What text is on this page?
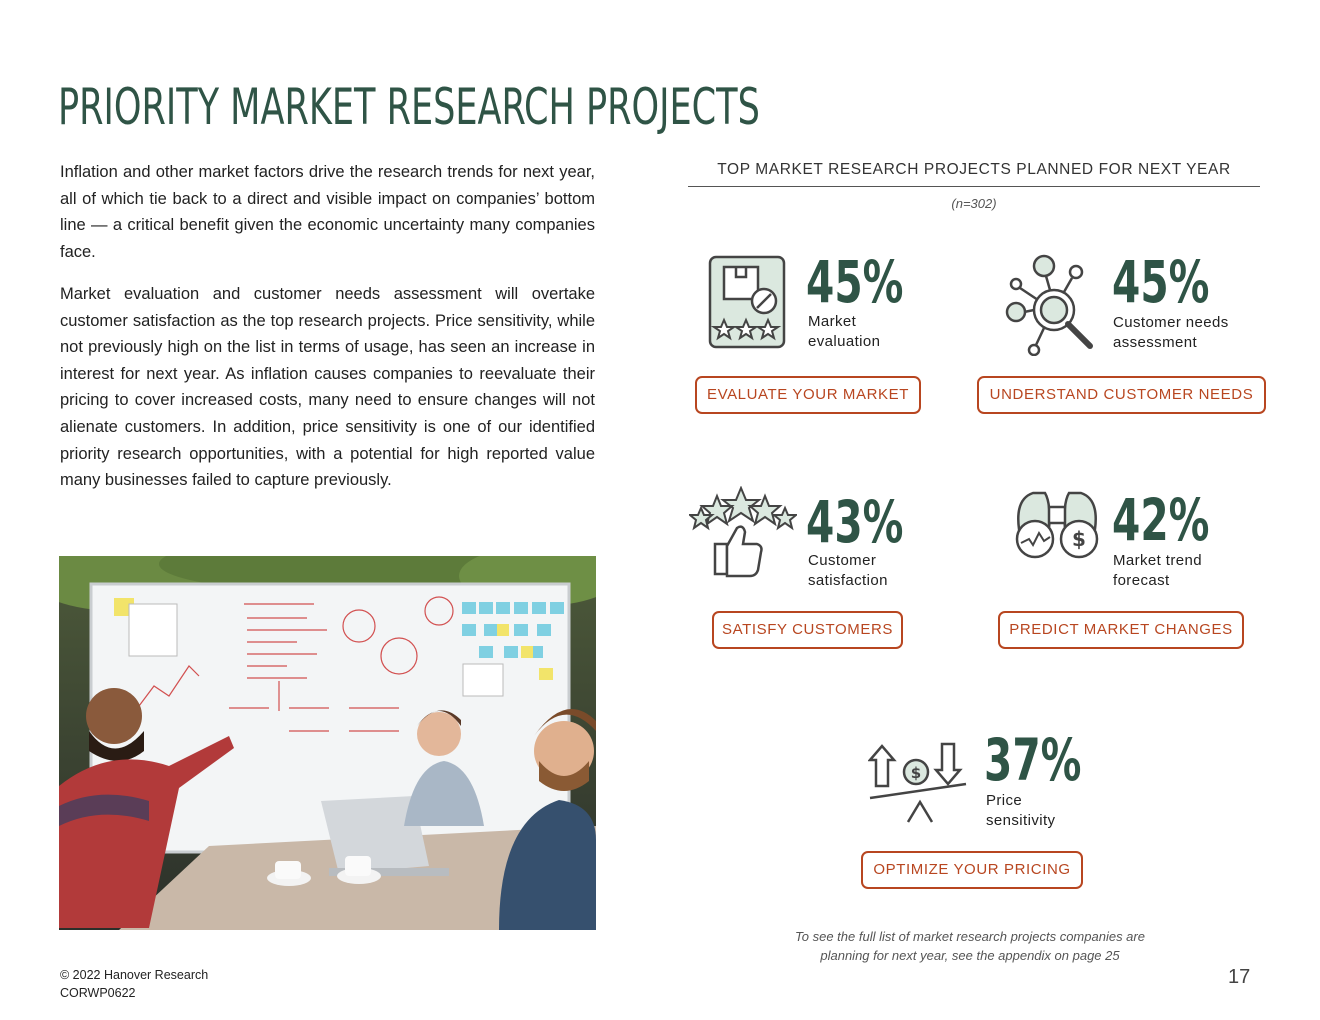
PRIORITY MARKET RESEARCH PROJECTS
Inflation and other market factors drive the research trends for next year, all of which tie back to a direct and visible impact on companies’ bottom line — a critical benefit given the economic uncertainty many companies face.
Market evaluation and customer needs assessment will overtake customer satisfaction as the top research projects. Price sensitivity, while not previously high on the list in terms of usage, has seen an increase in interest for next year. As inflation causes companies to reevaluate their pricing to cover increased costs, many need to ensure changes will not alienate customers. In addition, price sensitivity is one of our identified priority research opportunities, with a potential for high reported value many businesses failed to capture previously.
TOP MARKET RESEARCH PROJECTS PLANNED FOR NEXT YEAR
(n=302)
45%
Market
evaluation
EVALUATE YOUR MARKET
45%
Customer needs
assessment
UNDERSTAND CUSTOMER NEEDS
43%
Customer
satisfaction
SATISFY CUSTOMERS
$ 42%
Market trend
forecast
PREDICT MARKET CHANGES
$ 37%
Price
sensitivity
OPTIMIZE YOUR PRICING
To see the full list of market research projects companies are
planning for next year, see the appendix on page 25
© 2022 Hanover Research
CORWP0622
17
